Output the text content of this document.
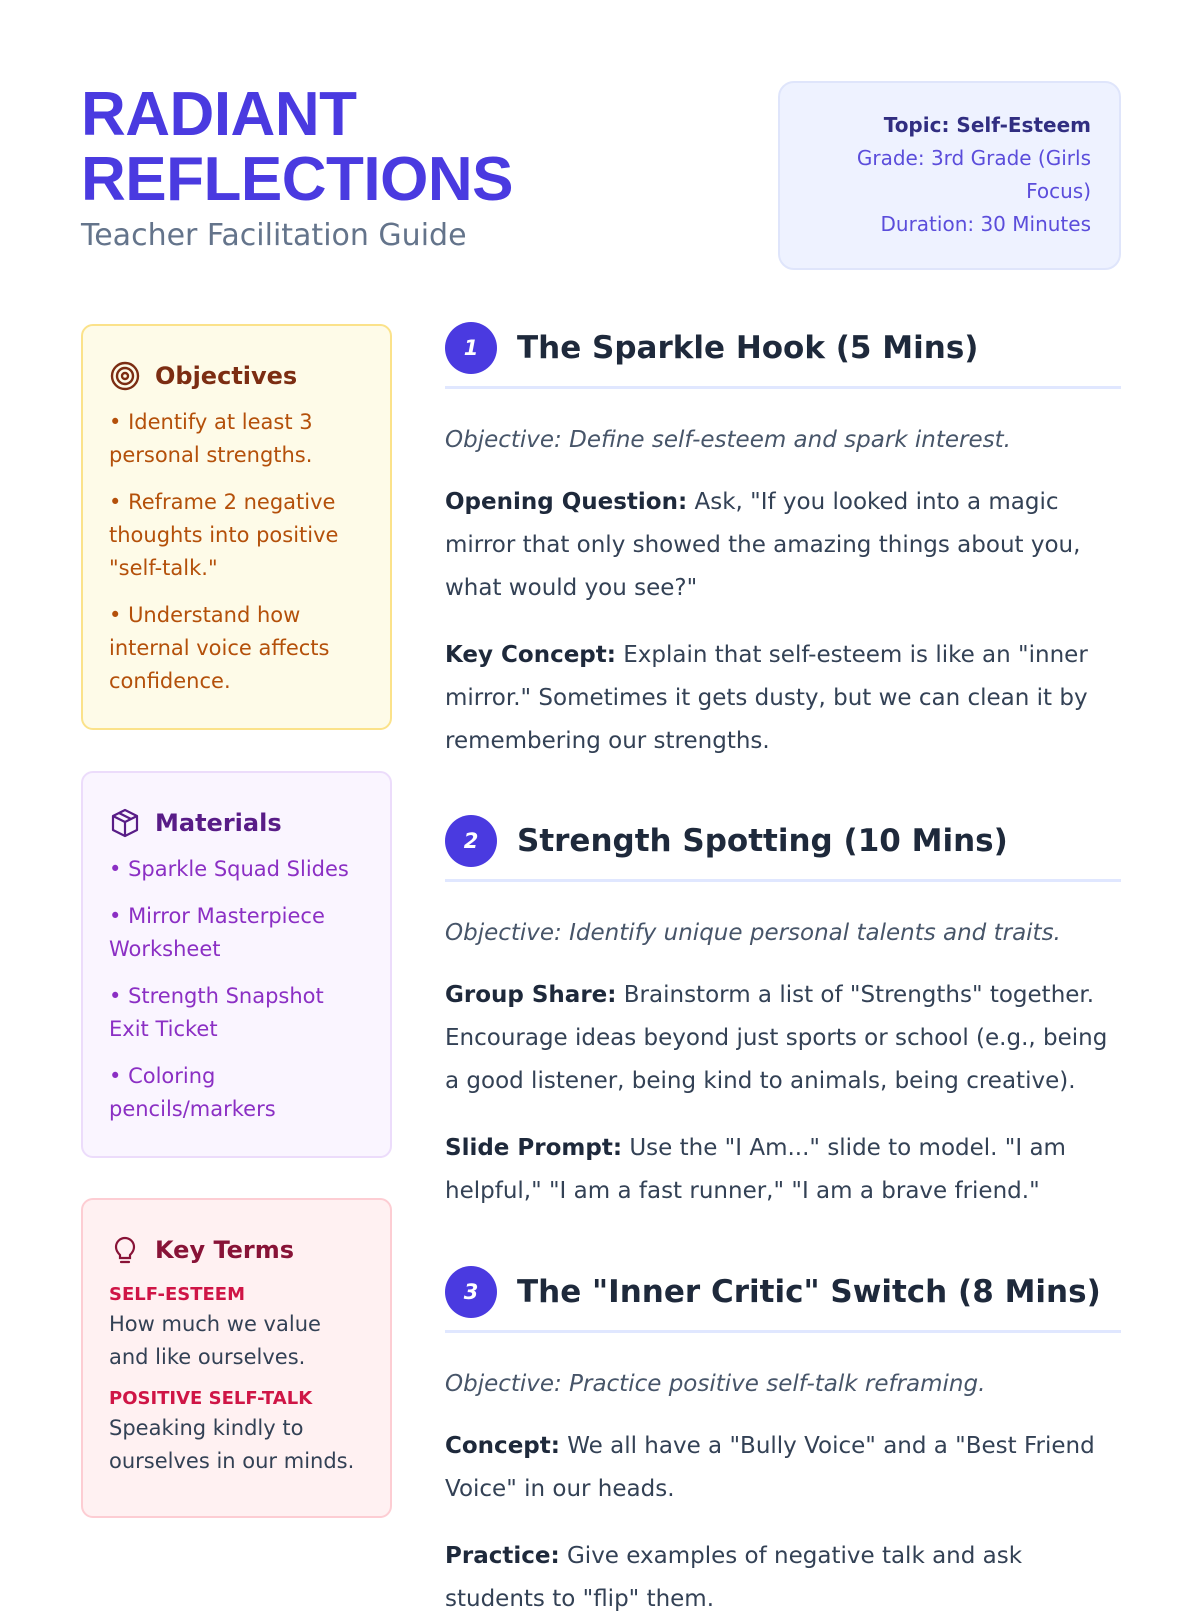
RADIANT
REFLECTIONS

Teacher Facilitation Guide

Topic: Self-Esteem
Grade: 3rd Grade (Girls Focus)
Duration: 30 Minutes
Objectives
• Identify at least 3 personal strengths.
• Reframe 2 negative thoughts into positive "self-talk."
• Understand how internal voice affects confidence.
Materials
• Sparkle Squad Slides
• Mirror Masterpiece Worksheet
• Strength Snapshot Exit Ticket
• Coloring pencils/markers
Key Terms
SELF-ESTEEM
How much we value and like ourselves.
POSITIVE SELF-TALK
Speaking kindly to ourselves in our minds.
1	The Sparkle Hook (5 Mins)

Objective: Define self-esteem and spark interest.

Opening Question: Ask, "If you looked into a magic mirror that only showed the amazing things about you, what would you see?"

Key Concept: Explain that self-esteem is like an "inner mirror." Sometimes it gets dusty, but we can clean it by remembering our strengths.

2	Strength Spotting (10 Mins)

Objective: Identify unique personal talents and traits.

Group Share: Brainstorm a list of "Strengths" together. Encourage ideas beyond just sports or school (e.g., being a good listener, being kind to animals, being creative).

Slide Prompt: Use the "I Am..." slide to model. "I am helpful," "I am a fast runner," "I am a brave friend."

3	The "Inner Critic" Switch (8 Mins)

Objective: Practice positive self-talk reframing.

Concept: We all have a "Bully Voice" and a "Best Friend Voice" in our heads.

Practice: Give examples of negative talk and ask students to "flip" them.
